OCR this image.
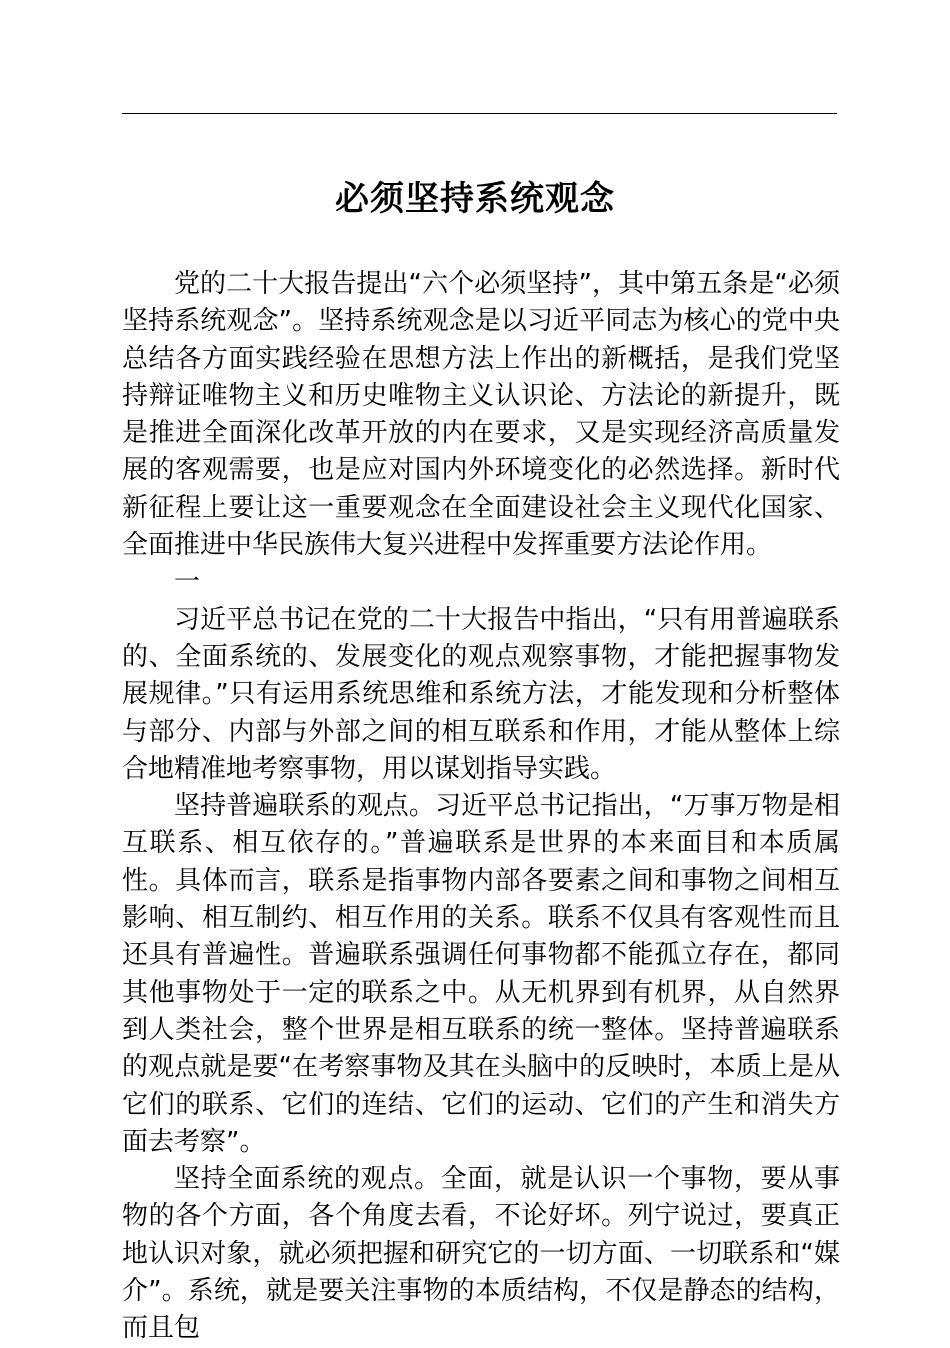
必须坚持系统观念

党的二十大报告提出“六个必须坚持”，其中第五条是“必须坚持系统观念”。坚持系统观念是以习近平同志为核心的党中央总结各方面实践经验在思想方法上作出的新概括，是我们党坚持辩证唯物主义和历史唯物主义认识论、方法论的新提升，既是推进全面深化改革开放的内在要求，又是实现经济高质量发展的客观需要，也是应对国内外环境变化的必然选择。新时代新征程上要让这一重要观念在全面建设社会主义现代化国家、全面推进中华民族伟大复兴进程中发挥重要方法论作用。

一

习近平总书记在党的二十大报告中指出，“只有用普遍联系的、全面系统的、发展变化的观点观察事物，才能把握事物发展规律。”只有运用系统思维和系统方法，才能发现和分析整体与部分、内部与外部之间的相互联系和作用，才能从整体上综合地精准地考察事物，用以谋划指导实践。

坚持普遍联系的观点。习近平总书记指出，“万事万物是相互联系、相互依存的。”普遍联系是世界的本来面目和本质属性。具体而言，联系是指事物内部各要素之间和事物之间相互影响、相互制约、相互作用的关系。联系不仅具有客观性而且还具有普遍性。普遍联系强调任何事物都不能孤立存在，都同其他事物处于一定的联系之中。从无机界到有机界，从自然界到人类社会，整个世界是相互联系的统一整体。坚持普遍联系的观点就是要“在考察事物及其在头脑中的反映时，本质上是从它们的联系、它们的连结、它们的运动、它们的产生和消失方面去考察”。

坚持全面系统的观点。全面，就是认识一个事物，要从事物的各个方面，各个角度去看，不论好坏。列宁说过，要真正地认识对象，就必须把握和研究它的一切方面、一切联系和“媒介”。系统，就是要关注事物的本质结构，不仅是静态的结构，而且包
